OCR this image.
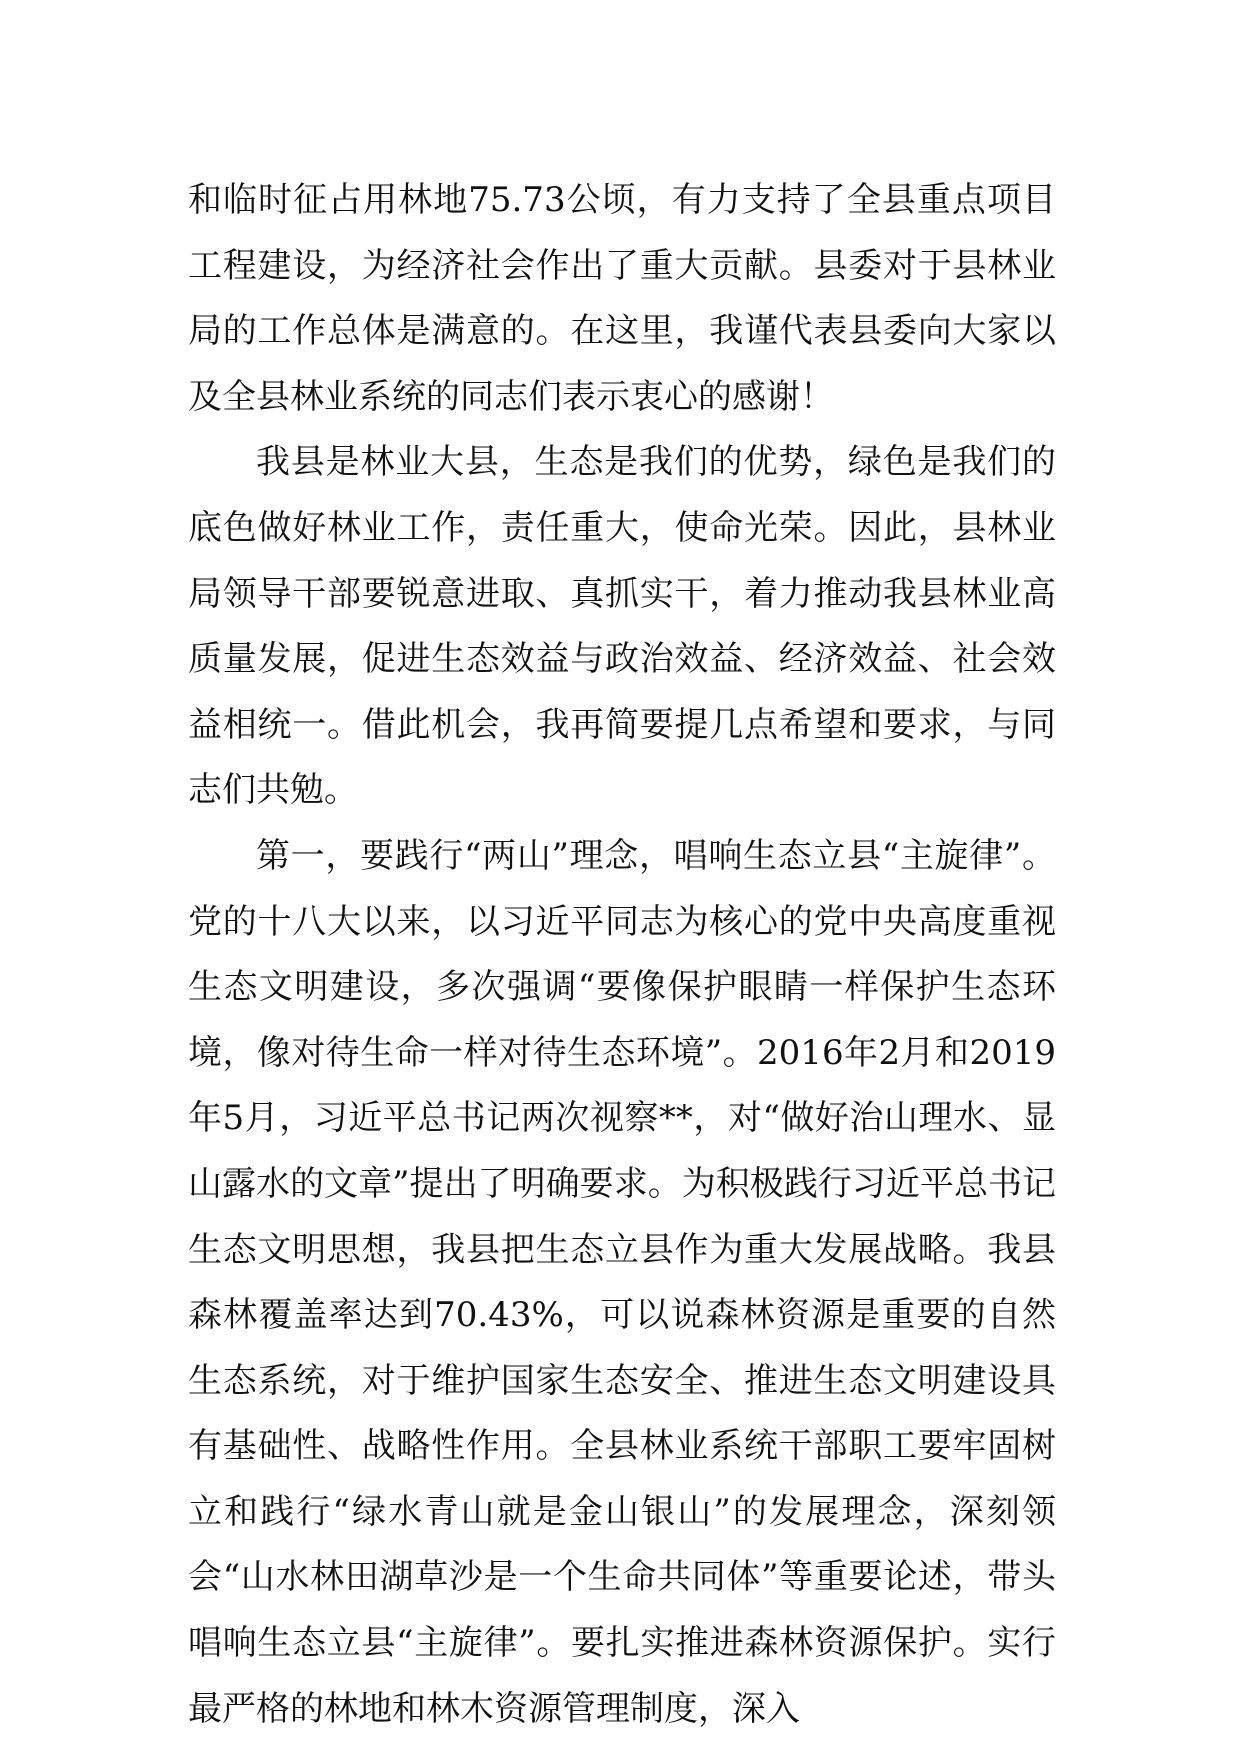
和临时征占用林地75.73公顷，有力支持了全县重点项目工程建设，为经济社会作出了重大贡献。县委对于县林业局的工作总体是满意的。在这里，我谨代表县委向大家以及全县林业系统的同志们表示衷心的感谢！

我县是林业大县，生态是我们的优势，绿色是我们的底色做好林业工作，责任重大，使命光荣。因此，县林业局领导干部要锐意进取、真抓实干，着力推动我县林业高质量发展，促进生态效益与政治效益、经济效益、社会效益相统一。借此机会，我再简要提几点希望和要求，与同志们共勉。

第一，要践行“两山”理念，唱响生态立县“主旋律”。党的十八大以来，以习近平同志为核心的党中央高度重视生态文明建设，多次强调“要像保护眼睛一样保护生态环境，像对待生命一样对待生态环境”。2016年2月和2019年5月，习近平总书记两次视察**，对“做好治山理水、显山露水的文章”提出了明确要求。为积极践行习近平总书记生态文明思想，我县把生态立县作为重大发展战略。我县森林覆盖率达到70.43%，可以说森林资源是重要的自然生态系统，对于维护国家生态安全、推进生态文明建设具有基础性、战略性作用。全县林业系统干部职工要牢固树立和践行“绿水青山就是金山银山”的发展理念，深刻领会“山水林田湖草沙是一个生命共同体”等重要论述，带头唱响生态立县“主旋律”。要扎实推进森林资源保护。实行最严格的林地和林木资源管理制度，深入
